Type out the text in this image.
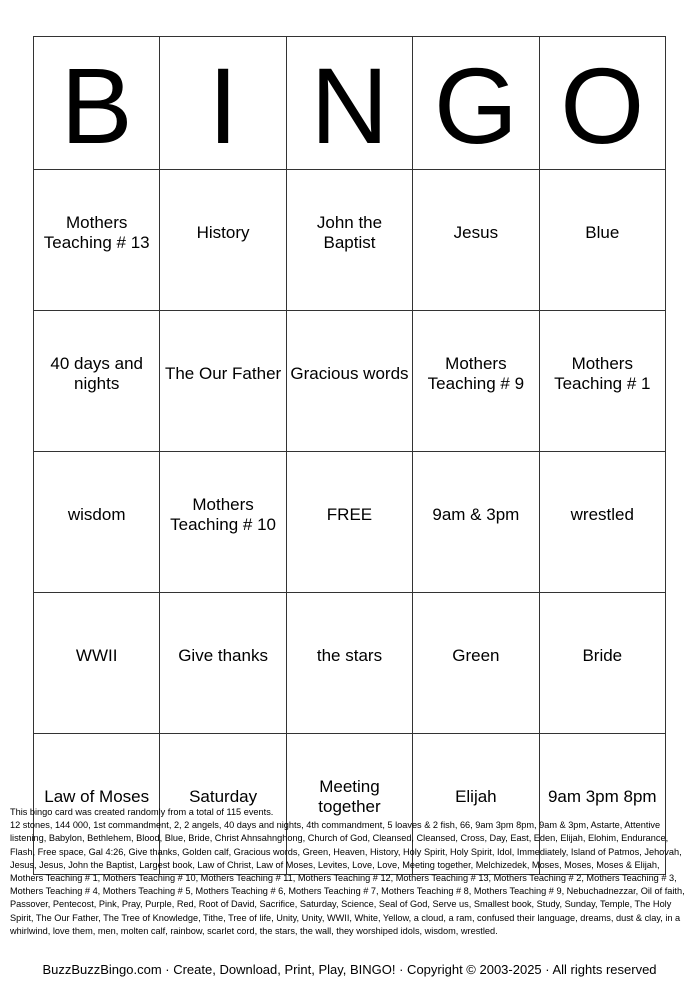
B	I	N	G	O
Mothers Teaching # 13	History	John the Baptist	Jesus	Blue
40 days and nights	The Our Father	Gracious words	Mothers Teaching # 9	Mothers Teaching # 1
wisdom	Mothers Teaching # 10	FREE	9am & 3pm	wrestled
WWII	Give thanks	the stars	Green	Bride
Law of Moses	Saturday	Meeting together	Elijah	9am 3pm 8pm

This bingo card was created randomly from a total of 115 events.

12 stones, 144 000, 1st commandment, 2, 2 angels, 40 days and nights, 4th commandment, 5 loaves & 2 fish, 66, 9am 3pm 8pm, 9am & 3pm, Astarte, Attentive listening, Babylon, Bethlehem, Blood, Blue, Bride, Christ Ahnsahnghong, Church of God, Cleansed, Cleansed, Cross, Day, East, Eden, Elijah, Elohim, Endurance, Flash, Free space, Gal 4:26, Give thanks, Golden calf, Gracious words, Green, Heaven, History, Holy Spirit, Holy Spirit, Idol, Immediately, Island of Patmos, Jehovah, Jesus, Jesus, John the Baptist, Largest book, Law of Christ, Law of Moses, Levites, Love, Love, Meeting together, Melchizedek, Moses, Moses, Moses & Elijah, Mothers Teaching # 1, Mothers Teaching # 10, Mothers Teaching # 11, Mothers Teaching # 12, Mothers Teaching # 13, Mothers Teaching # 2, Mothers Teaching # 3, Mothers Teaching # 4, Mothers Teaching # 5, Mothers Teaching # 6, Mothers Teaching # 7, Mothers Teaching # 8, Mothers Teaching # 9, Nebuchadnezzar, Oil of faith, Passover, Pentecost, Pink, Pray, Purple, Red, Root of David, Sacrifice, Saturday, Science, Seal of God, Serve us, Smallest book, Study, Sunday, Temple, The Holy Spirit, The Our Father, The Tree of Knowledge, Tithe, Tree of life, Unity, Unity, WWII, White, Yellow, a cloud, a ram, confused their language, dreams, dust & clay, in a whirlwind, love them, men, molten calf, rainbow, scarlet cord, the stars, the wall, they worshiped idols, wisdom, wrestled.

BuzzBuzzBingo.com · Create, Download, Print, Play, BINGO! · Copyright © 2003-2025 · All rights reserved
